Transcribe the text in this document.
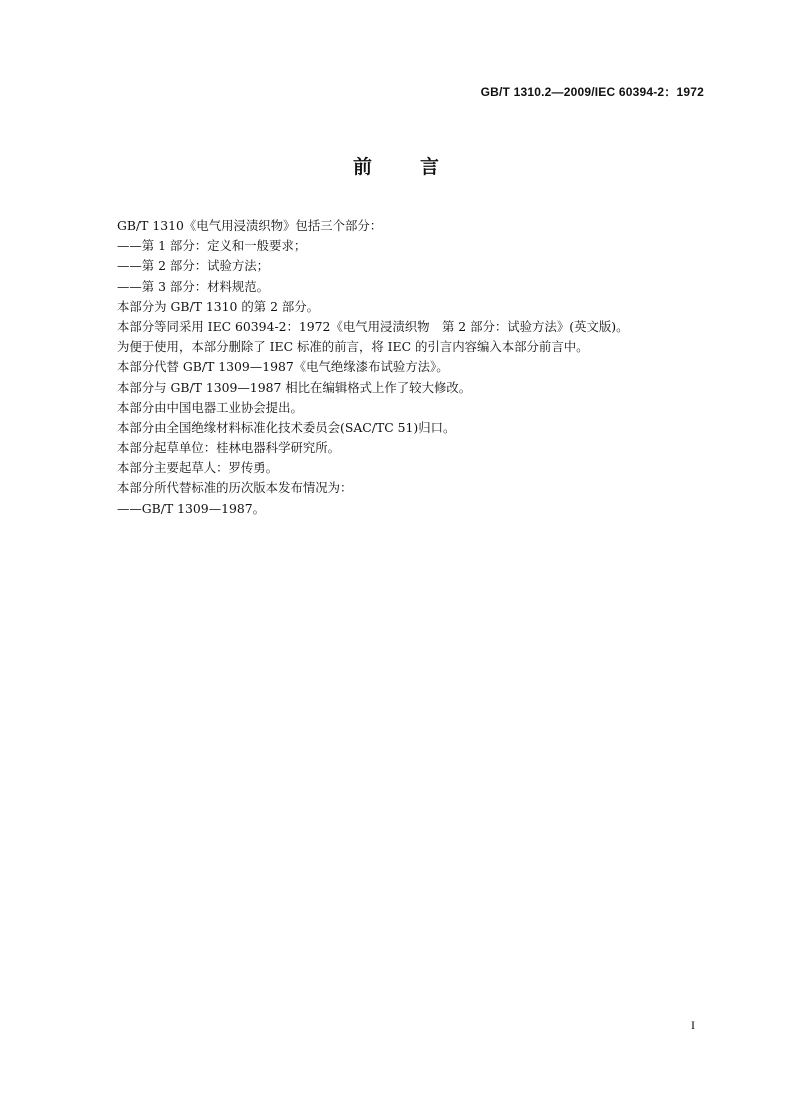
GB/T 1310.2—2009/IEC 60394-2：1972
前言
GB/T 1310《电气用浸渍织物》包括三个部分：
——第 1 部分：定义和一般要求；
——第 2 部分：试验方法；
——第 3 部分：材料规范。
本部分为 GB/T 1310 的第 2 部分。
本部分等同采用 IEC 60394-2：1972《电气用浸渍织物　第 2 部分：试验方法》(英文版)。
为便于使用，本部分删除了 IEC 标准的前言，将 IEC 的引言内容编入本部分前言中。
本部分代替 GB/T 1309—1987《电气绝缘漆布试验方法》。
本部分与 GB/T 1309—1987 相比在编辑格式上作了较大修改。
本部分由中国电器工业协会提出。
本部分由全国绝缘材料标准化技术委员会(SAC/TC 51)归口。
本部分起草单位：桂林电器科学研究所。
本部分主要起草人：罗传勇。
本部分所代替标准的历次版本发布情况为：
——GB/T 1309—1987。
I
